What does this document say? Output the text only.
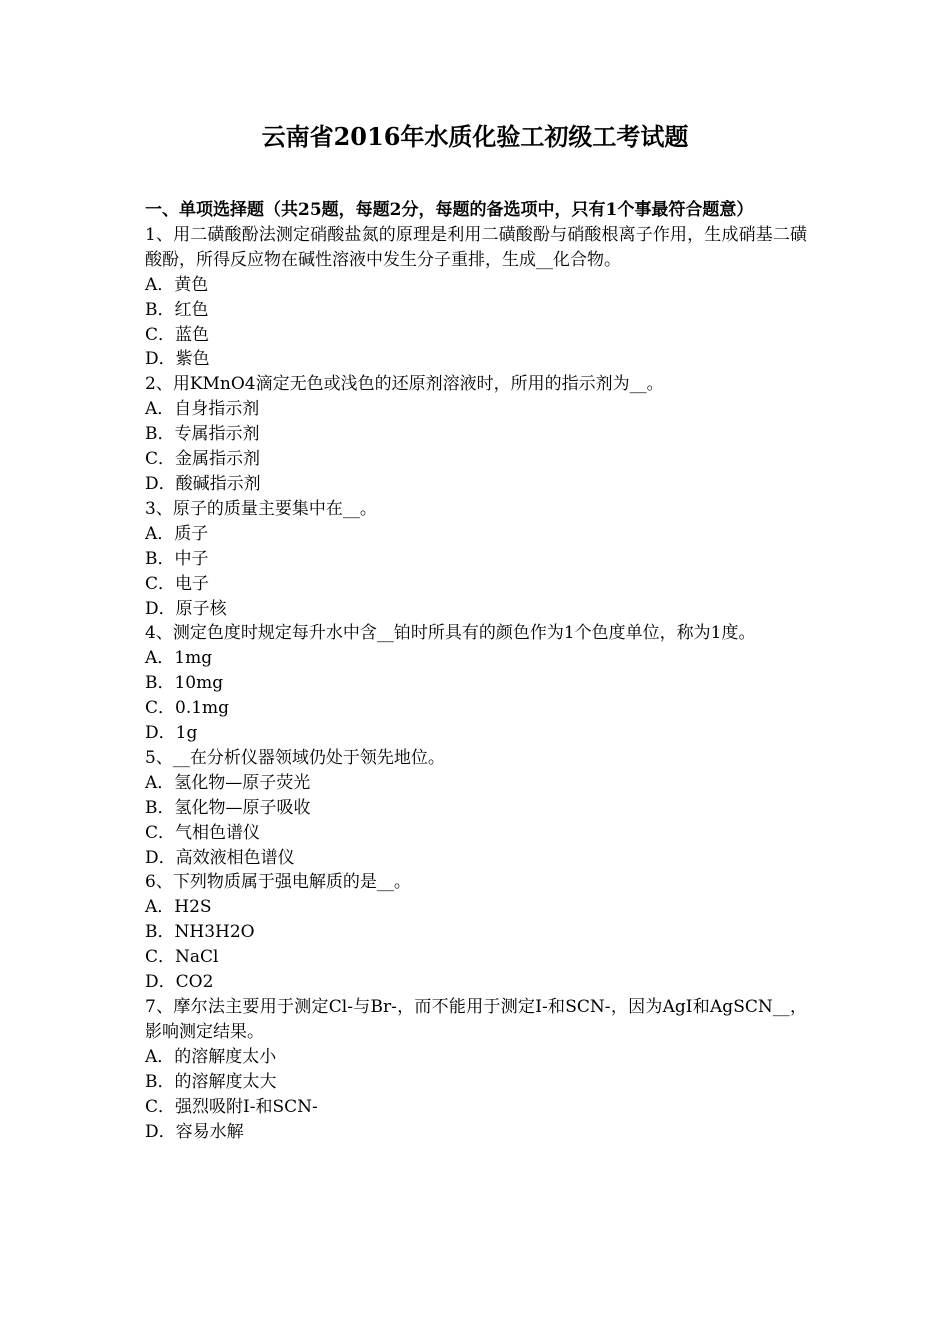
云南省2016年水质化验工初级工考试题
一、单项选择题（共25题，每题2分，每题的备选项中，只有1个事最符合题意）
1、用二磺酸酚法测定硝酸盐氮的原理是利用二磺酸酚与硝酸根离子作用，生成硝基二磺酸酚，所得反应物在碱性溶液中发生分子重排，生成__化合物。
A．黄色
B．红色
C．蓝色
D．紫色
2、用KMnO4滴定无色或浅色的还原剂溶液时，所用的指示剂为__。
A．自身指示剂
B．专属指示剂
C．金属指示剂
D．酸碱指示剂
3、原子的质量主要集中在__。
A．质子
B．中子
C．电子
D．原子核
4、测定色度时规定每升水中含__铂时所具有的颜色作为1个色度单位，称为1度。
A．1mg
B．10mg
C．0.1mg
D．1g
5、__在分析仪器领域仍处于领先地位。
A．氢化物—原子荧光
B．氢化物—原子吸收
C．气相色谱仪
D．高效液相色谱仪
6、下列物质属于强电解质的是__。
A．H2S
B．NH3H2O
C．NaCl
D．CO2
7、摩尔法主要用于测定Cl-与Br-，而不能用于测定I-和SCN-，因为AgI和AgSCN__，影响测定结果。
A．的溶解度太小
B．的溶解度太大
C．强烈吸附I-和SCN-
D．容易水解
